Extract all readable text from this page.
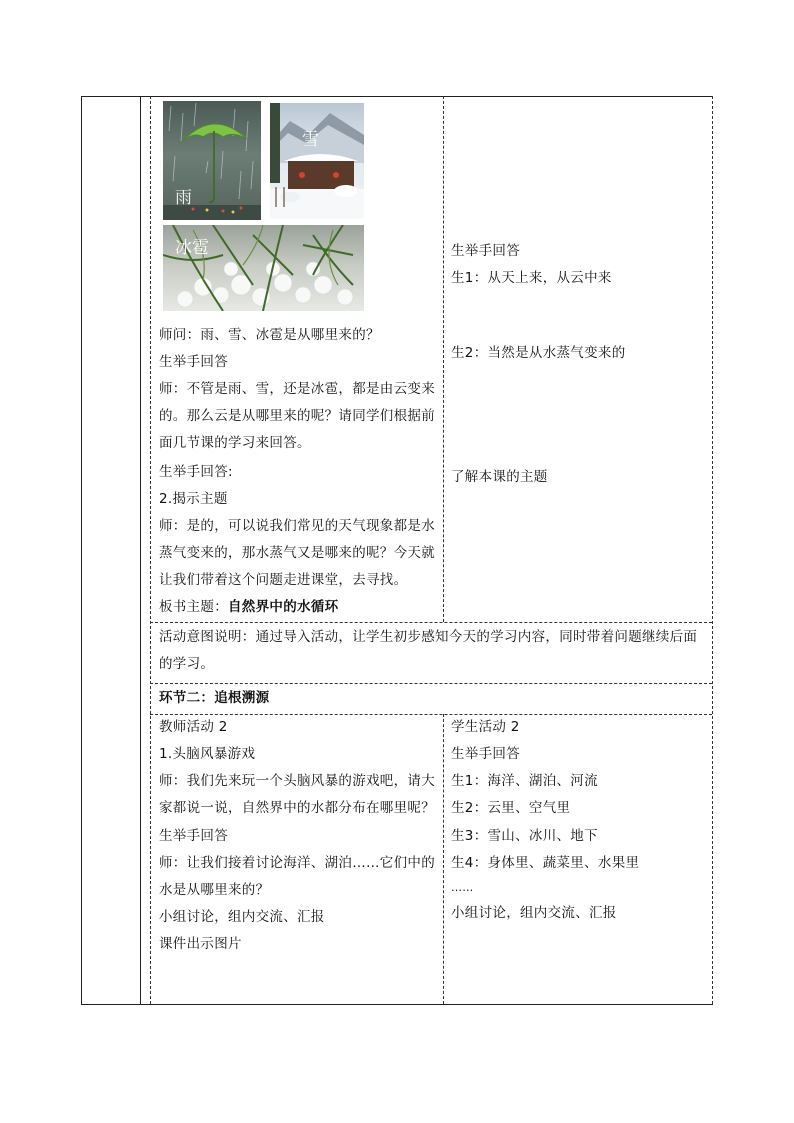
雨
雪
冰雹
师问：雨、雪、冰雹是从哪里来的？
生举手回答
师：不管是雨、雪，还是冰雹，都是由云变来
的。那么云是从哪里来的呢？请同学们根据前
面几节课的学习来回答。
生举手回答:
2.揭示主题
师：是的，可以说我们常见的天气现象都是水
蒸气变来的，那水蒸气又是哪来的呢？今天就
让我们带着这个问题走进课堂，去寻找。
板书主题：自然界中的水循环
生举手回答
生1：从天上来，从云中来
生2：当然是从水蒸气变来的
了解本课的主题
活动意图说明：通过导入活动，让学生初步感知今天的学习内容，同时带着问题继续后面
的学习。
环节二：追根溯源
教师活动 2	学生活动 2
1.头脑风暴游戏
师：我们先来玩一个头脑风暴的游戏吧，请大
家都说一说，自然界中的水都分布在哪里呢？
生举手回答
师：让我们接着讨论海洋、湖泊……它们中的
水是从哪里来的？
小组讨论，组内交流、汇报
课件出示图片
生举手回答
生1：海洋、湖泊、河流
生2：云里、空气里
生3：雪山、冰川、地下
生4：身体里、蔬菜里、水果里
……
小组讨论，组内交流、汇报
